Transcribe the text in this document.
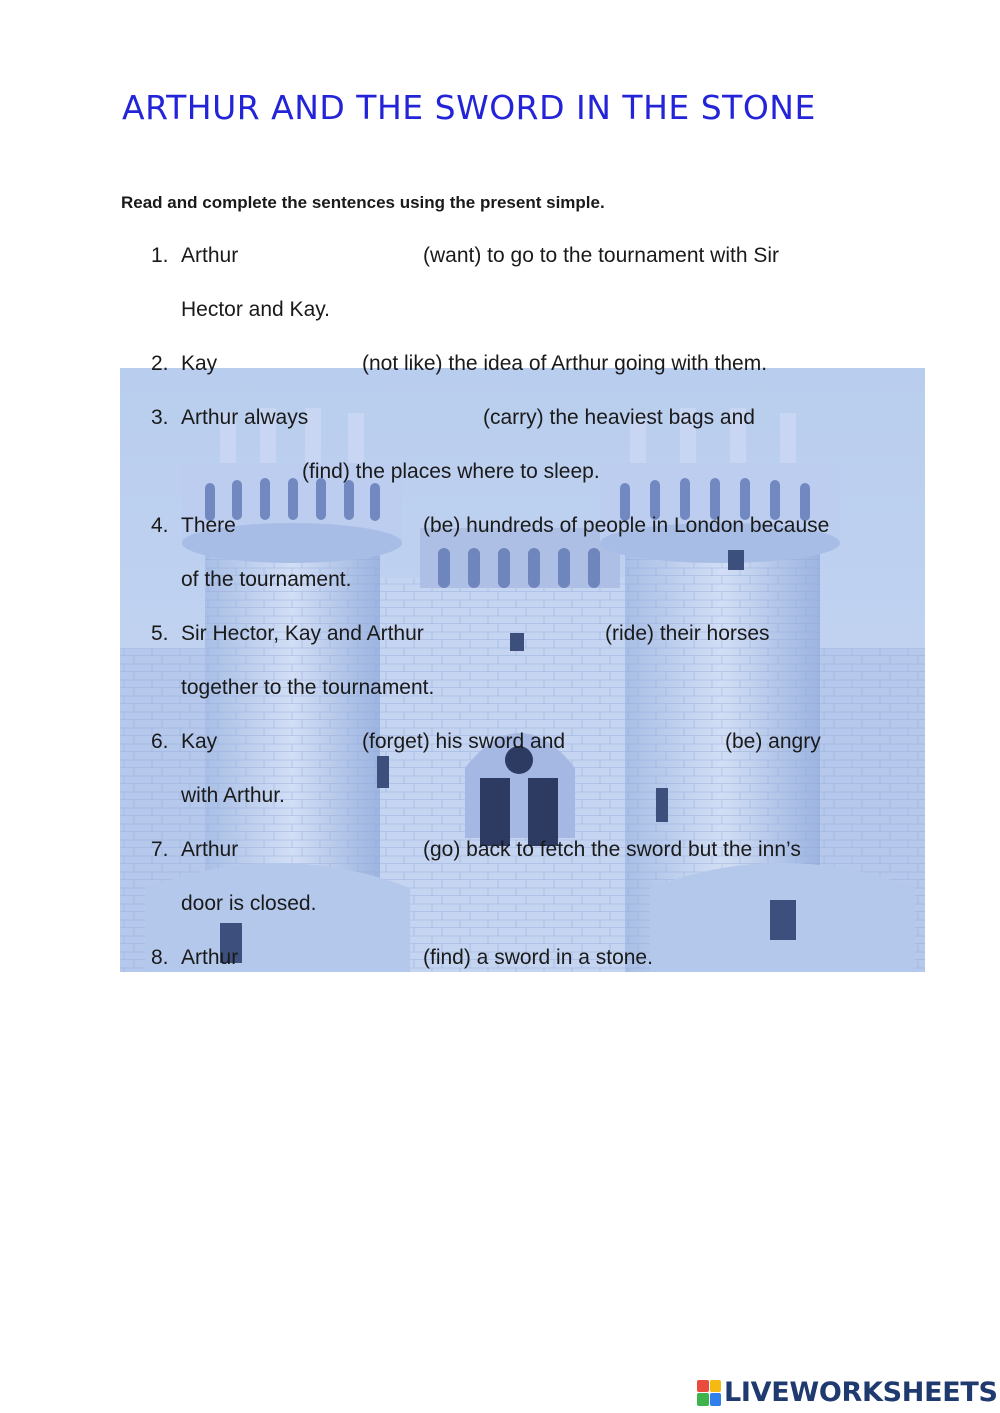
ARTHUR AND THE SWORD IN THE STONE

Read and complete the sentences using the present simple.

1. Arthur	(want) to go to the tournament with Sir
Hector and Kay.
2. Kay	(not like) the idea of Arthur going with them.
3. Arthur always	(carry) the heaviest bags and
(find) the places where to sleep.
4. There	(be) hundreds of people in London because
of the tournament.
5. Sir Hector, Kay and Arthur	(ride) their horses
together to the tournament.
6. Kay	(forget) his sword and	(be) angry
with Arthur.
7. Arthur	(go) back to fetch the sword but the inn’s
door is closed.
8. Arthur	(find) a sword in a stone.
LIVEWORKSHEETS
